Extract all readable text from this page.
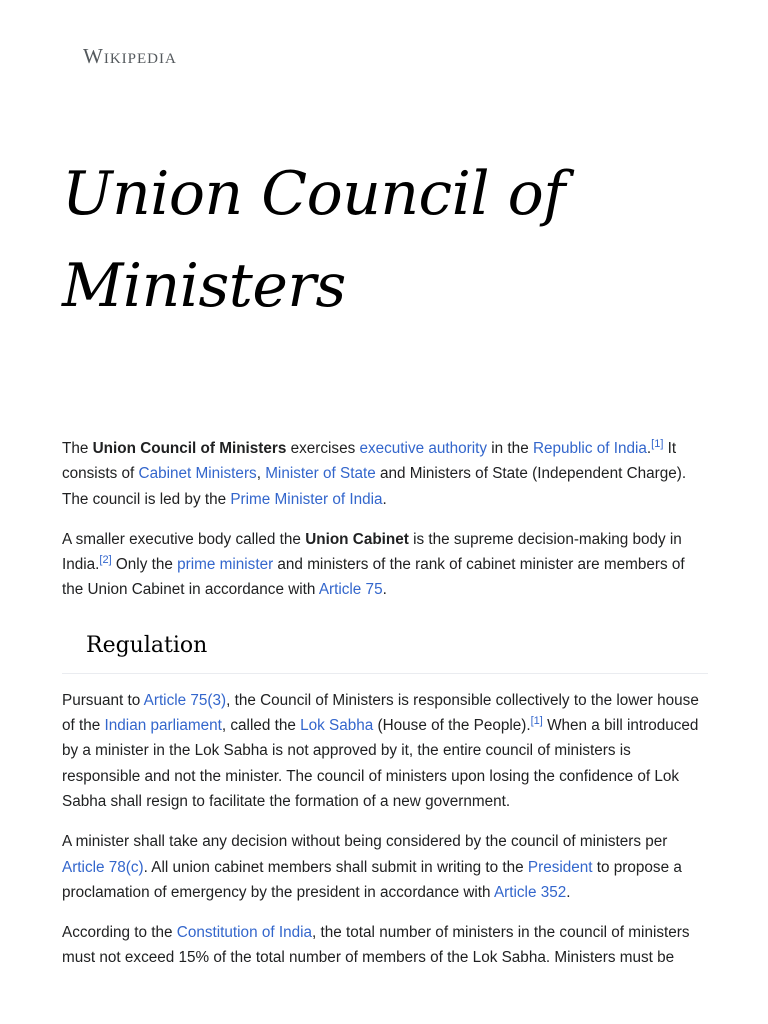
Wikipedia
Union Council of Ministers

The Union Council of Ministers exercises executive authority in the Republic of India.[1] It consists of Cabinet Ministers, Minister of State and Ministers of State (Independent Charge). The council is led by the Prime Minister of India.

A smaller executive body called the Union Cabinet is the supreme decision-making body in India.[2] Only the prime minister and ministers of the rank of cabinet minister are members of the Union Cabinet in accordance with Article 75.

Regulation

Pursuant to Article 75(3), the Council of Ministers is responsible collectively to the lower house of the Indian parliament, called the Lok Sabha (House of the People).[1] When a bill introduced by a minister in the Lok Sabha is not approved by it, the entire council of ministers is responsible and not the minister. The council of ministers upon losing the confidence of Lok Sabha shall resign to facilitate the formation of a new government.

A minister shall take any decision without being considered by the council of ministers per Article 78(c). All union cabinet members shall submit in writing to the President to propose a proclamation of emergency by the president in accordance with Article 352.

According to the Constitution of India, the total number of ministers in the council of ministers must not exceed 15% of the total number of members of the Lok Sabha. Ministers must be
